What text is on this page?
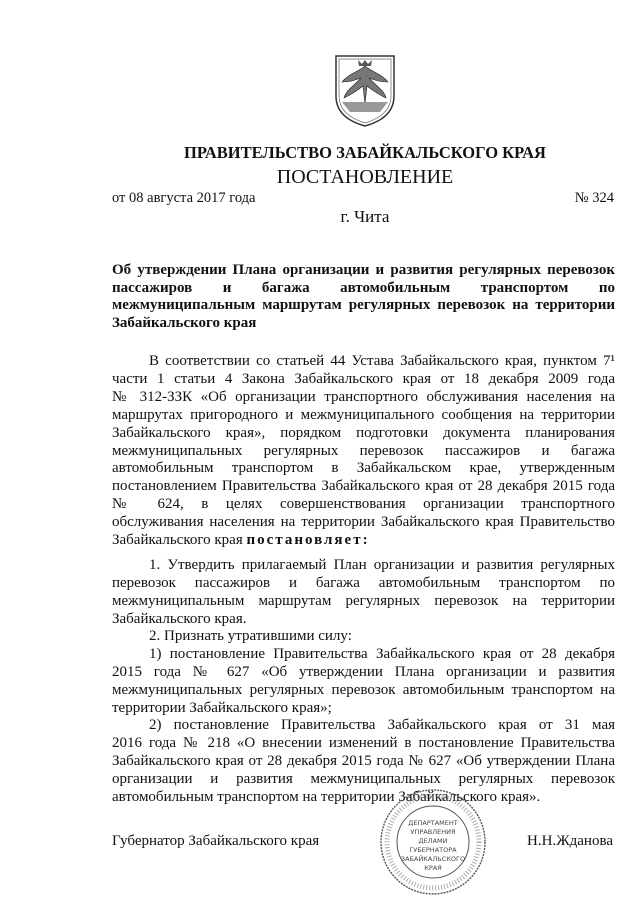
ПРАВИТЕЛЬСТВО ЗАБАЙКАЛЬСКОГО КРАЯ
ПОСТАНОВЛЕНИЕ
от 08 августа 2017 года	№ 324
г. Чита
Об утверждении Плана организации и развития регулярных перевозок
пассажиров и багажа автомобильным транспортом по
межмуниципальным маршрутам регулярных перевозок на территории
Забайкальского края
В соответствии со статьей 44 Устава Забайкальского края, пунктом 7¹
части 1 статьи 4 Закона Забайкальского края от 18 декабря 2009 года
№ 312-ЗЗК «Об организации транспортного обслуживания населения на
маршрутах пригородного и межмуниципального сообщения на территории
Забайкальского края», порядком подготовки документа планирования
межмуниципальных регулярных перевозок пассажиров и багажа
автомобильным транспортом в Забайкальском крае, утвержденным
постановлением Правительства Забайкальского края от 28 декабря 2015 года
№ 624, в целях совершенствования организации транспортного
обслуживания населения на территории Забайкальского края Правительство
Забайкальского края постановляет:
1. Утвердить прилагаемый План организации и развития регулярных
перевозок пассажиров и багажа автомобильным транспортом по
межмуниципальным маршрутам регулярных перевозок на территории
Забайкальского края.
2. Признать утратившими силу:
1) постановление Правительства Забайкальского края от 28 декабря
2015 года № 627 «Об утверждении Плана организации и развития
межмуниципальных регулярных перевозок автомобильным транспортом на
территории Забайкальского края»;
2) постановление Правительства Забайкальского края от 31 мая
2016 года № 218 «О внесении изменений в постановление Правительства
Забайкальского края от 28 декабря 2015 года № 627 «Об утверждении Плана
организации и развития межмуниципальных регулярных перевозок
автомобильным транспортом на территории Забайкальского края».
Губернатор Забайкальского края	Н.Н.Жданова
ДЕПАРТАМЕНТ
УПРАВЛЕНИЯ
ДЕЛАМИ
ГУБЕРНАТОРА
ЗАБАЙКАЛЬСКОГО
КРАЯ
